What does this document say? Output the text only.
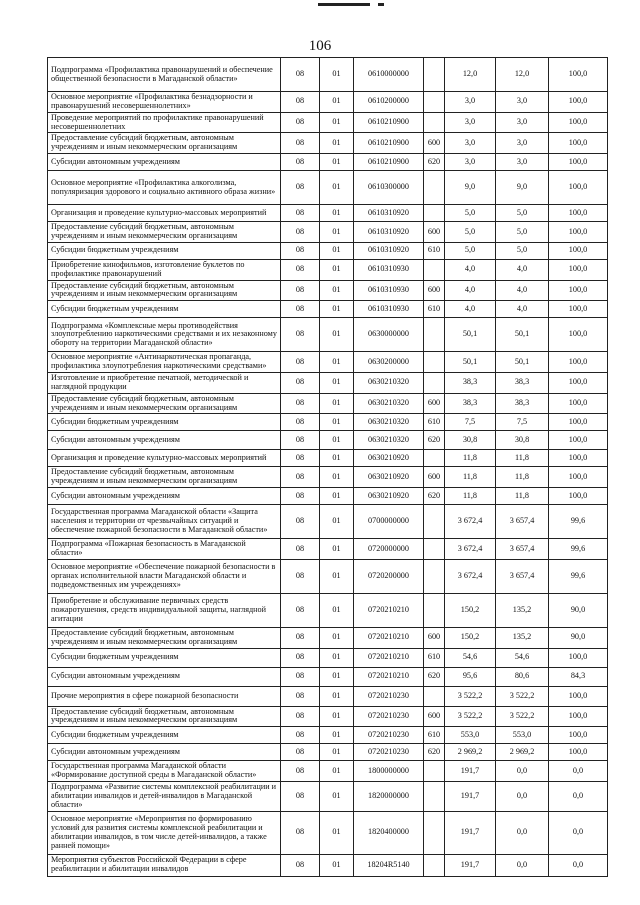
106
Подпрограмма «Профилактика правонарушений и обеспечение общественной безопасности в Магаданской области»	08	01	0610000000		12,0	12,0	100,0
Основное мероприятие «Профилактика безнадзорности и правонарушений несовершеннолетних»	08	01	0610200000		3,0	3,0	100,0
Проведение мероприятий по профилактике правонарушений несовершеннолетних	08	01	0610210900		3,0	3,0	100,0
Предоставление субсидий бюджетным, автономным учреждениям и иным некоммерческим организациям	08	01	0610210900	600	3,0	3,0	100,0
Субсидии автономным учреждениям	08	01	0610210900	620	3,0	3,0	100,0
Основное мероприятие «Профилактика алкоголизма, популяризация здорового и социально активного образа жизни»	08	01	0610300000		9,0	9,0	100,0
Организация и проведение культурно-массовых мероприятий	08	01	0610310920		5,0	5,0	100,0
Предоставление субсидий бюджетным, автономным учреждениям и иным некоммерческим организациям	08	01	0610310920	600	5,0	5,0	100,0
Субсидии бюджетным учреждениям	08	01	0610310920	610	5,0	5,0	100,0
Приобретение кинофильмов, изготовление буклетов по профилактике правонарушений	08	01	0610310930		4,0	4,0	100,0
Предоставление субсидий бюджетным, автономным учреждениям и иным некоммерческим организациям	08	01	0610310930	600	4,0	4,0	100,0
Субсидии бюджетным учреждениям	08	01	0610310930	610	4,0	4,0	100,0
Подпрограмма «Комплексные меры противодействия злоупотреблению наркотическими средствами и их незаконному обороту на территории Магаданской области»	08	01	0630000000		50,1	50,1	100,0
Основное мероприятие «Антинаркотическая пропаганда, профилактика злоупотребления наркотическими средствами»	08	01	0630200000		50,1	50,1	100,0
Изготовление и приобретение печатной, методической и наглядной продукции	08	01	0630210320		38,3	38,3	100,0
Предоставление субсидий бюджетным, автономным учреждениям и иным некоммерческим организациям	08	01	0630210320	600	38,3	38,3	100,0
Субсидии бюджетным учреждениям	08	01	0630210320	610	7,5	7,5	100,0
Субсидии автономным учреждениям	08	01	0630210320	620	30,8	30,8	100,0
Организация и проведение культурно-массовых мероприятий	08	01	0630210920		11,8	11,8	100,0
Предоставление субсидий бюджетным, автономным учреждениям и иным некоммерческим организациям	08	01	0630210920	600	11,8	11,8	100,0
Субсидии автономным учреждениям	08	01	0630210920	620	11,8	11,8	100,0
Государственная программа Магаданской области «Защита населения и территории от чрезвычайных ситуаций и обеспечение пожарной безопасности в Магаданской области»	08	01	0700000000		3 672,4	3 657,4	99,6
Подпрограмма «Пожарная безопасность в Магаданской области»	08	01	0720000000		3 672,4	3 657,4	99,6
Основное мероприятие «Обеспечение пожарной безопасности в органах исполнительной власти Магаданской области и подведомственных им учреждениях»	08	01	0720200000		3 672,4	3 657,4	99,6
Приобретение и обслуживание первичных средств пожаротушения, средств индивидуальной защиты, наглядной агитации	08	01	0720210210		150,2	135,2	90,0
Предоставление субсидий бюджетным, автономным учреждениям и иным некоммерческим организациям	08	01	0720210210	600	150,2	135,2	90,0
Субсидии бюджетным учреждениям	08	01	0720210210	610	54,6	54,6	100,0
Субсидии автономным учреждениям	08	01	0720210210	620	95,6	80,6	84,3
Прочие мероприятия в сфере пожарной безопасности	08	01	0720210230		3 522,2	3 522,2	100,0
Предоставление субсидий бюджетным, автономным учреждениям и иным некоммерческим организациям	08	01	0720210230	600	3 522,2	3 522,2	100,0
Субсидии бюджетным учреждениям	08	01	0720210230	610	553,0	553,0	100,0
Субсидии автономным учреждениям	08	01	0720210230	620	2 969,2	2 969,2	100,0
Государственная программа Магаданской области «Формирование доступной среды в Магаданской области»	08	01	1800000000		191,7	0,0	0,0
Подпрограмма «Развитие системы комплексной реабилитации и абилитации инвалидов и детей-инвалидов в Магаданской области»	08	01	1820000000		191,7	0,0	0,0
Основное мероприятие «Мероприятия по формированию условий для развития системы комплексной реабилитации и абилитации инвалидов, в том числе детей-инвалидов, а также ранней помощи»	08	01	1820400000		191,7	0,0	0,0
Мероприятия субъектов Российской Федерации в сфере реабилитации и абилитации инвалидов	08	01	18204R5140		191,7	0,0	0,0
